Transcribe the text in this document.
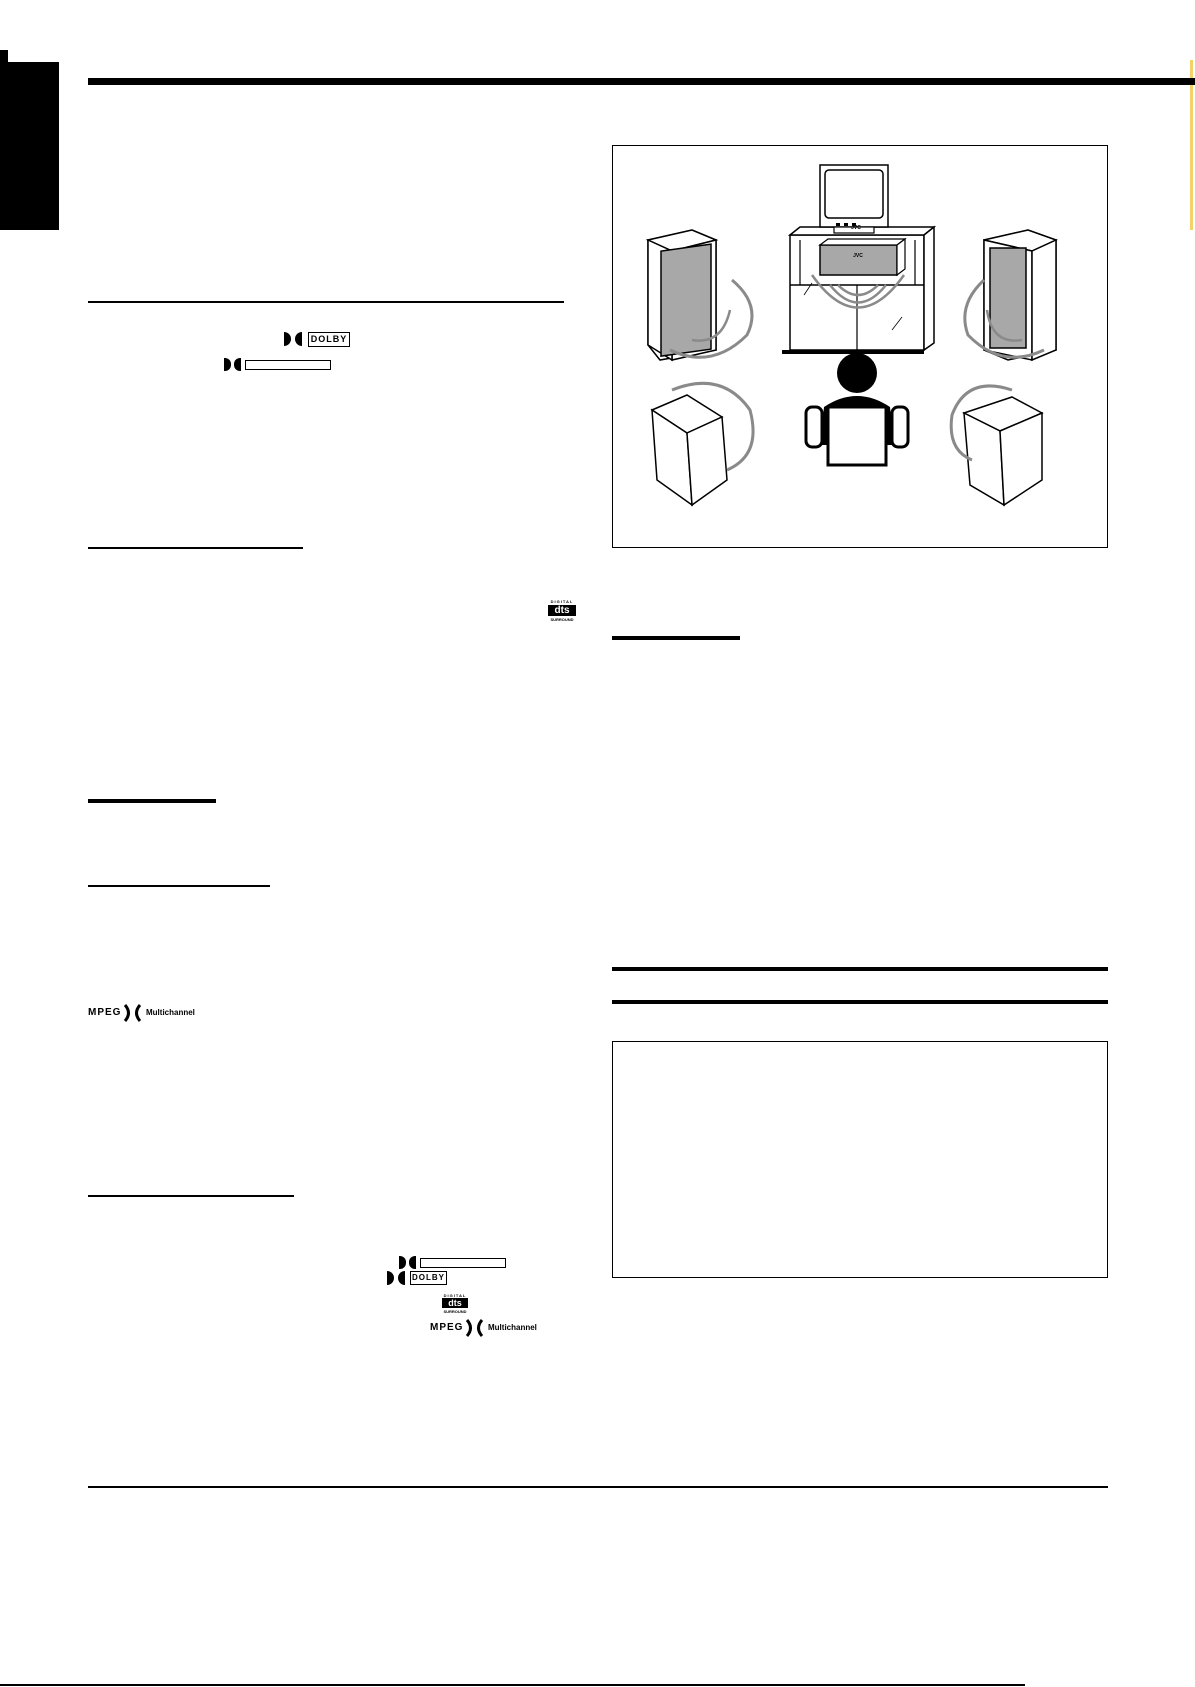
DOLBY
DIGITAL
dts
SURROUND
MPEG	Multichannel
DOLBY
DIGITAL
dts
SURROUND
MPEG	Multichannel
JVC
JVC
